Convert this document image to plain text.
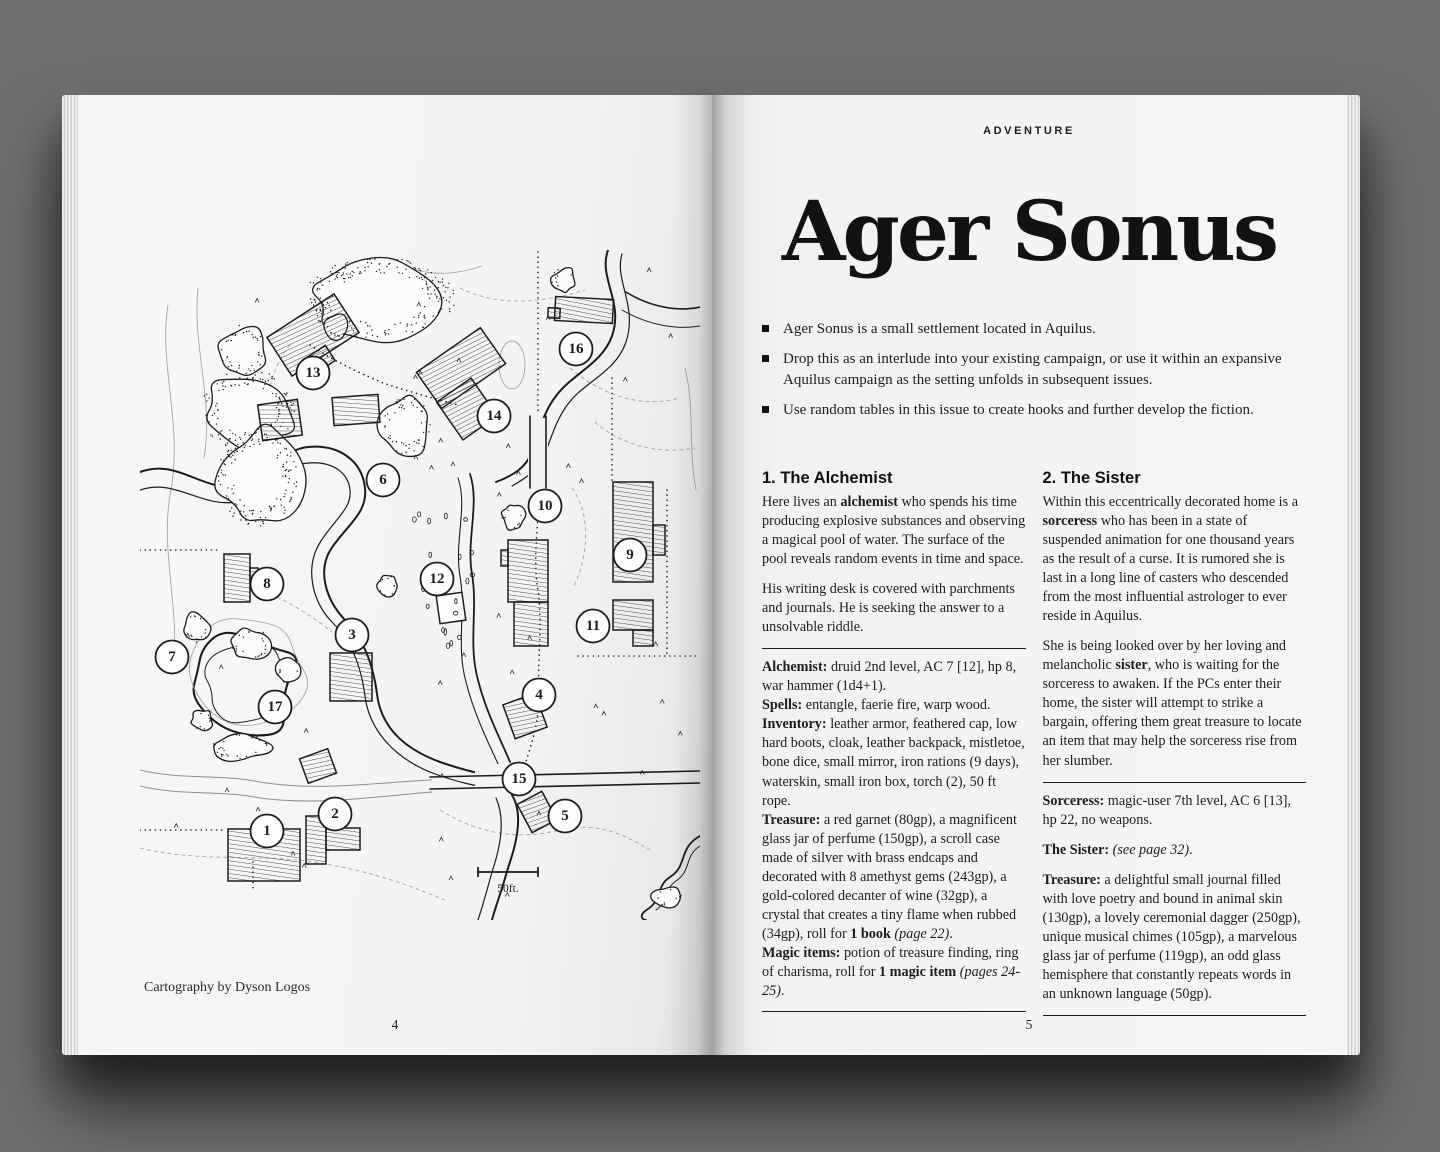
1
2
3
4
5
6
7
8
9
10
11
12
13
14
15
16
17
50ft.
Cartography by Dyson Logos
4
ADVENTURE
Ager Sonus
Ager Sonus is a small settlement located in Aquilus.
Drop this as an interlude into your existing campaign, or use it within an expansive Aquilus campaign as the setting unfolds in subsequent issues.
Use random tables in this issue to create hooks and further develop the fiction.
1. The Alchemist

Here lives an alchemist who spends his time producing explosive substances and observing a magical pool of water. The surface of the pool reveals random events in time and space.

His writing desk is covered with parchments and journals. He is seeking the answer to a unsolvable riddle.

Alchemist: druid 2nd level, AC 7 [12], hp 8, war hammer (1d4+1).

Spells: entangle, faerie fire, warp wood.

Inventory: leather armor, feathered cap, low hard boots, cloak, leather backpack, mistletoe, bone dice, small mirror, iron rations (9 days), waterskin, small iron box, torch (2), 50 ft rope.

Treasure: a red garnet (80gp), a magnificent glass jar of perfume (150gp), a scroll case made of silver with brass endcaps and decorated with 8 amethyst gems (243gp), a gold-colored decanter of wine (32gp), a crystal that creates a tiny flame when rubbed (34gp), roll for 1 book (page 22).

Magic items: potion of treasure finding, ring of charisma, roll for 1 magic item (pages 24-25).

2. The Sister

Within this eccentrically decorated home is a sorceress who has been in a state of suspended animation for one thousand years as the result of a curse. It is rumored she is last in a long line of casters who descended from the most influential astrologer to ever reside in Aquilus.

She is being looked over by her loving and melancholic sister, who is waiting for the sorceress to awaken. If the PCs enter their home, the sister will attempt to strike a bargain, offering them great treasure to locate an item that may help the sorceress rise from her slumber.

Sorceress: magic-user 7th level, AC 6 [13], hp 22, no weapons.

The Sister: (see page 32).

Treasure: a delightful small journal filled with love poetry and bound in animal skin (130gp), a lovely ceremonial dagger (250gp), unique musical chimes (105gp), a marvelous glass jar of perfume (119gp), an odd glass hemisphere that constantly repeats words in an unknown language (50gp).

5
